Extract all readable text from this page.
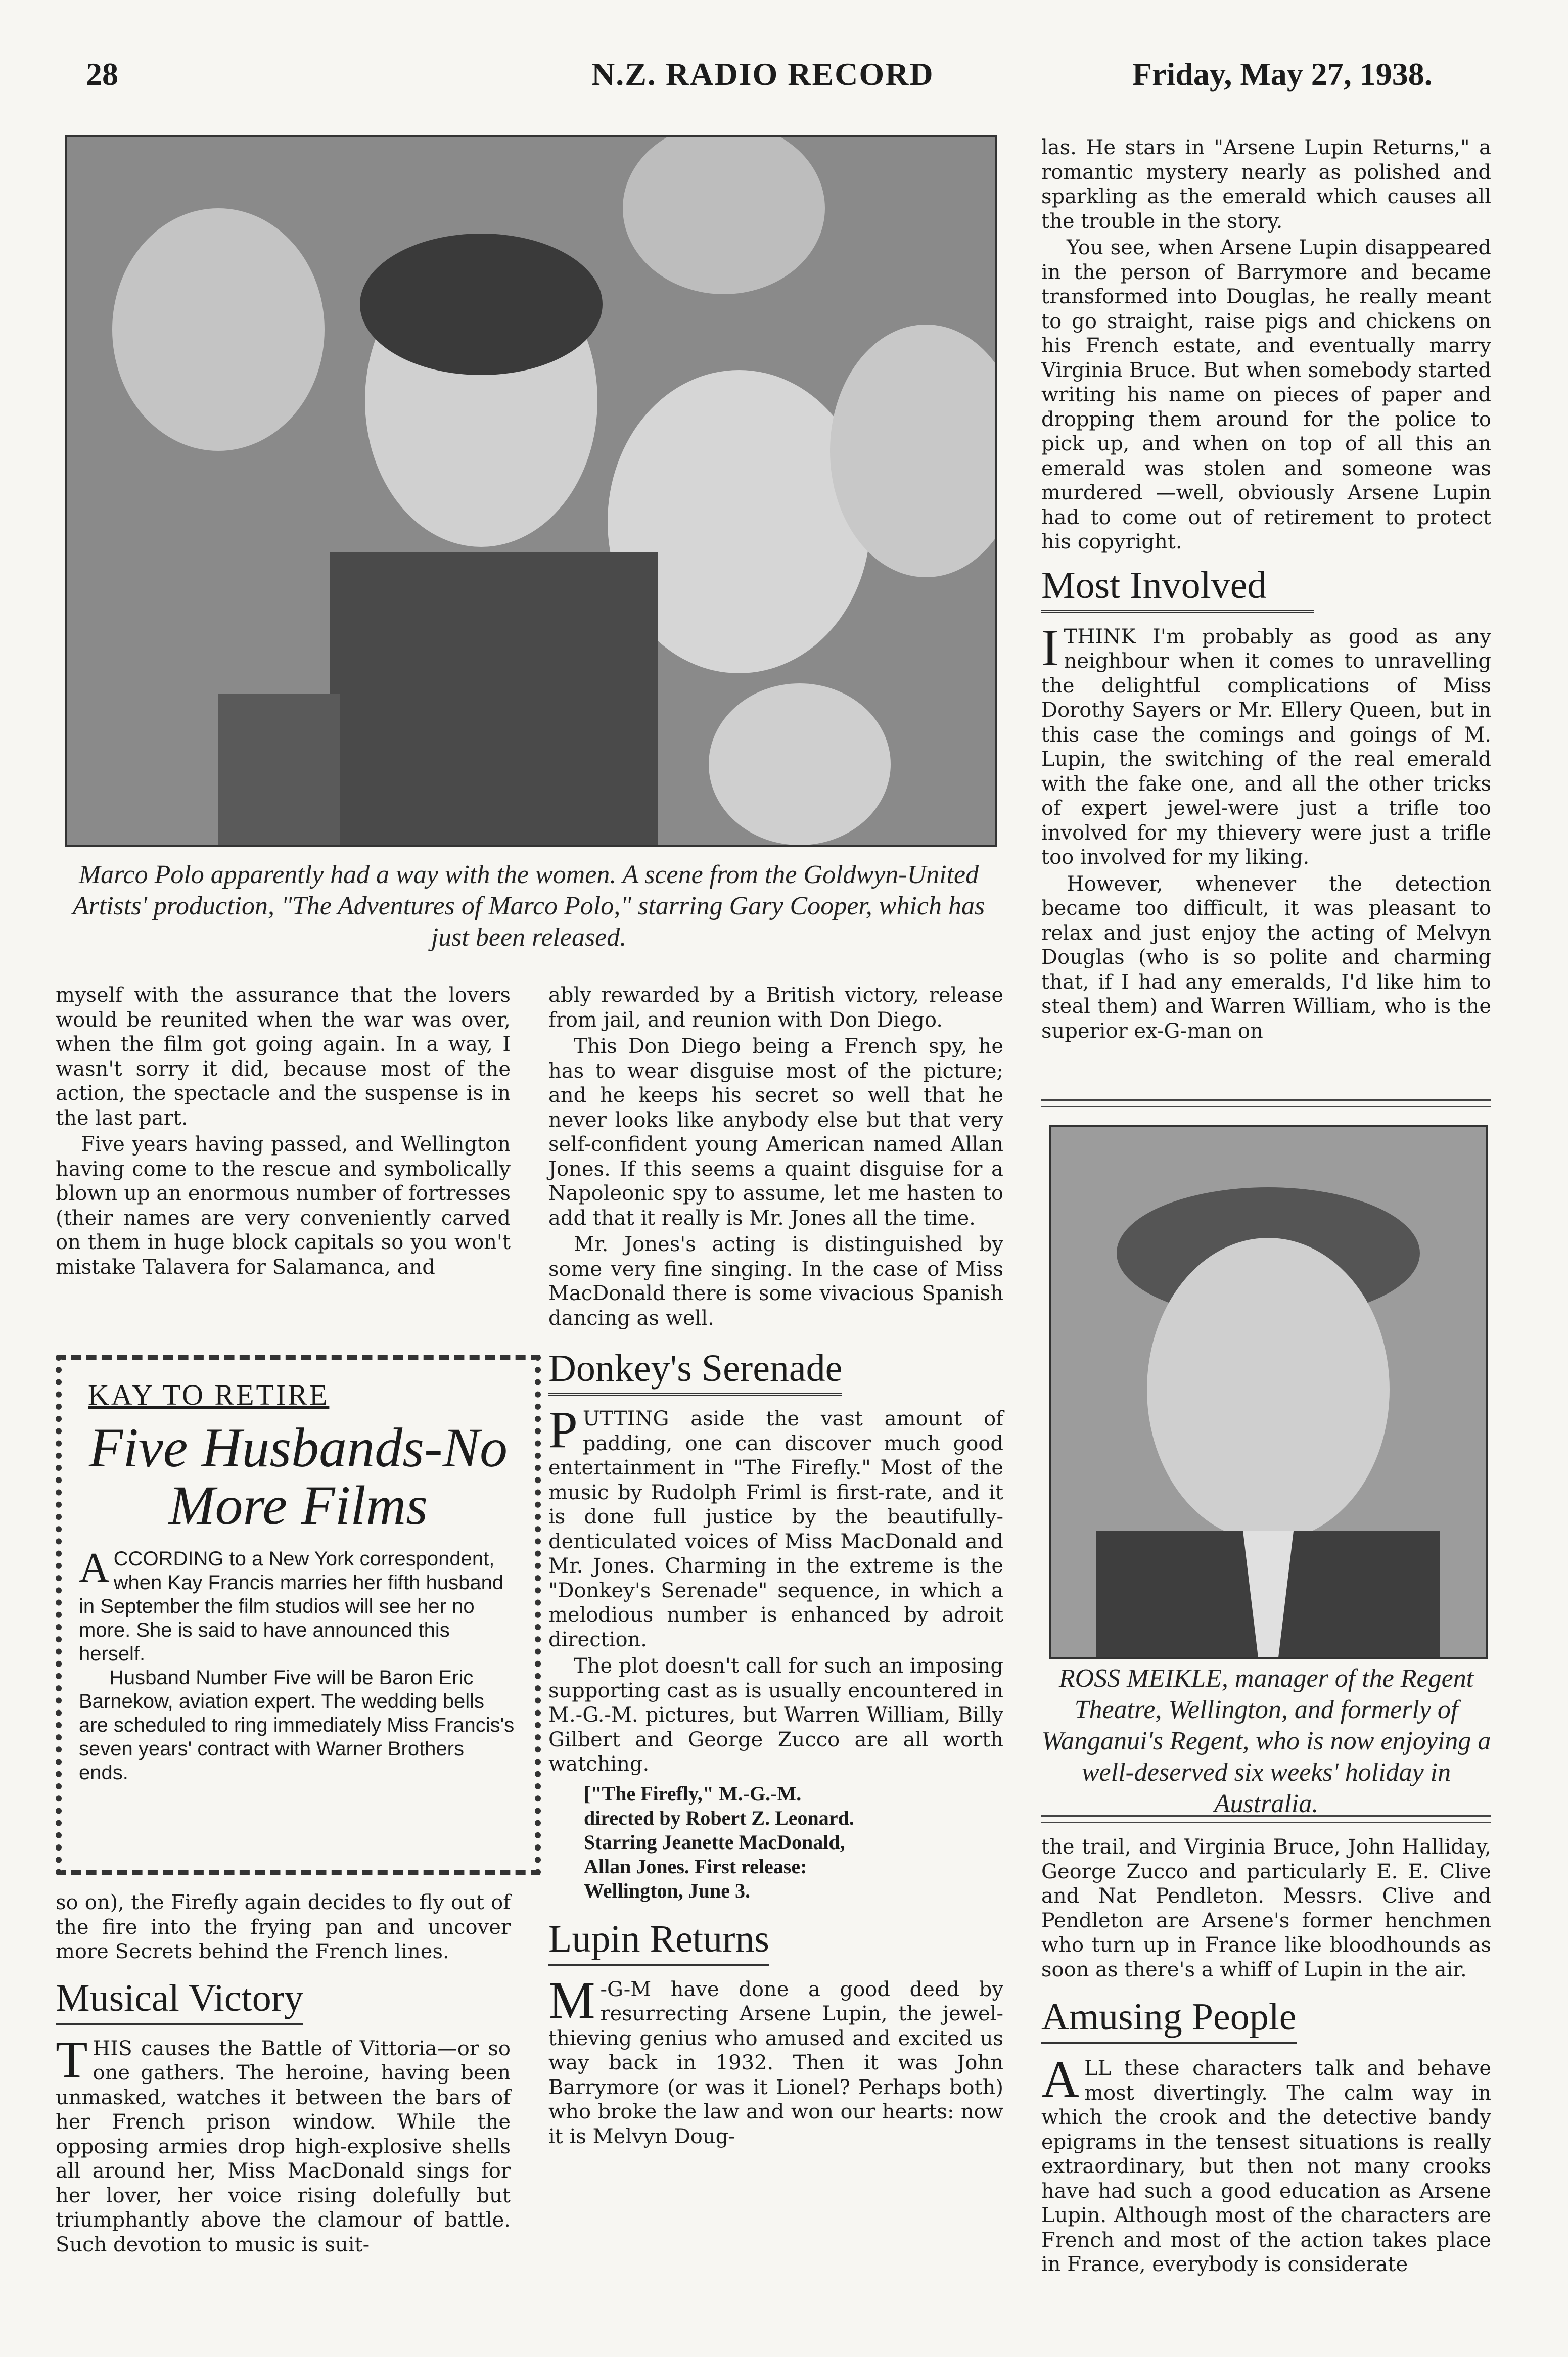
28	N.Z. RADIO RECORD	Friday, May 27, 1938.
Marco Polo apparently had a way with the women. A scene from the Goldwyn-United Artists' production, "The Adventures of Marco Polo," starring Gary Cooper, which has just been released.

myself with the assurance that the lovers would be reunited when the war was over, when the film got going again. In a way, I wasn't sorry it did, because most of the action, the spectacle and the suspense is in the last part.

Five years having passed, and Wellington having come to the rescue and symbolically blown up an enormous number of fortresses (their names are very conveniently carved on them in huge block capitals so you won't mistake Talavera for Salamanca, and

KAY TO RETIRE
Five Husbands-No More Films

ACCORDING to a New York correspondent, when Kay Francis marries her fifth husband in September the film studios will see her no more. She is said to have announced this herself.

Husband Number Five will be Baron Eric Barnekow, aviation expert. The wedding bells are scheduled to ring immediately Miss Francis's seven years' contract with Warner Brothers ends.

so on), the Firefly again decides to fly out of the fire into the frying pan and uncover more Secrets behind the French lines.

Musical Victory

THIS causes the Battle of Vittoria—or so one gathers. The heroine, having been unmasked, watches it between the bars of her French prison window. While the opposing armies drop high-explosive shells all around her, Miss MacDonald sings for her lover, her voice rising dolefully but triumphantly above the clamour of battle. Such devotion to music is suit-

ably rewarded by a British victory, release from jail, and reunion with Don Diego.

This Don Diego being a French spy, he has to wear disguise most of the picture; and he keeps his secret so well that he never looks like anybody else but that very self-confident young American named Allan Jones. If this seems a quaint disguise for a Napoleonic spy to assume, let me hasten to add that it really is Mr. Jones all the time.

Mr. Jones's acting is distinguished by some very fine singing. In the case of Miss MacDonald there is some vivacious Spanish dancing as well.

Donkey's Serenade

PUTTING aside the vast amount of padding, one can discover much good entertainment in "The Firefly." Most of the music by Rudolph Friml is first-rate, and it is done full justice by the beautifully-denticulated voices of Miss MacDonald and Mr. Jones. Charming in the extreme is the "Donkey's Serenade" sequence, in which a melodious number is enhanced by adroit direction.

The plot doesn't call for such an imposing supporting cast as is usually encountered in M.-G.-M. pictures, but Warren William, Billy Gilbert and George Zucco are all worth watching.

["The Firefly," M.-G.-M.
directed by Robert Z. Leonard.
Starring Jeanette MacDonald,
Allan Jones. First release:
Wellington, June 3.
Lupin Returns

M -G-M have done a good deed by resurrecting Arsene Lupin, the jewel-thieving genius who amused and excited us way back in 1932. Then it was John Barrymore (or was it Lionel? Perhaps both) who broke the law and won our hearts: now it is Melvyn Doug-

las. He stars in "Arsene Lupin Returns," a romantic mystery nearly as polished and sparkling as the emerald which causes all the trouble in the story.

You see, when Arsene Lupin disappeared in the person of Barrymore and became transformed into Douglas, he really meant to go straight, raise pigs and chickens on his French estate, and eventually marry Virginia Bruce. But when somebody started writing his name on pieces of paper and dropping them around for the police to pick up, and when on top of all this an emerald was stolen and someone was murdered —well, obviously Arsene Lupin had to come out of retirement to protect his copyright.

Most Involved

ITHINK I'm probably as good as any neighbour when it comes to unravelling the delightful complications of Miss Dorothy Sayers or Mr. Ellery Queen, but in this case the comings and goings of M. Lupin, the switching of the real emerald with the fake one, and all the other tricks of expert jewel-were just a trifle too involved for my thievery were just a trifle too involved for my liking.

However, whenever the detection became too difficult, it was pleasant to relax and just enjoy the acting of Melvyn Douglas (who is so polite and charming that, if I had any emeralds, I'd like him to steal them) and Warren William, who is the superior ex-G-man on

ROSS MEIKLE, manager of the Regent Theatre, Wellington, and formerly of Wanganui's Regent, who is now enjoying a well-deserved six weeks' holiday in Australia.

the trail, and Virginia Bruce, John Halliday, George Zucco and particularly E. E. Clive and Nat Pendleton. Messrs. Clive and Pendleton are Arsene's former henchmen who turn up in France like bloodhounds as soon as there's a whiff of Lupin in the air.

Amusing People

ALL these characters talk and behave most divertingly. The calm way in which the crook and the detective bandy epigrams in the tensest situations is really extraordinary, but then not many crooks have had such a good education as Arsene Lupin. Although most of the characters are French and most of the action takes place in France, everybody is considerate
